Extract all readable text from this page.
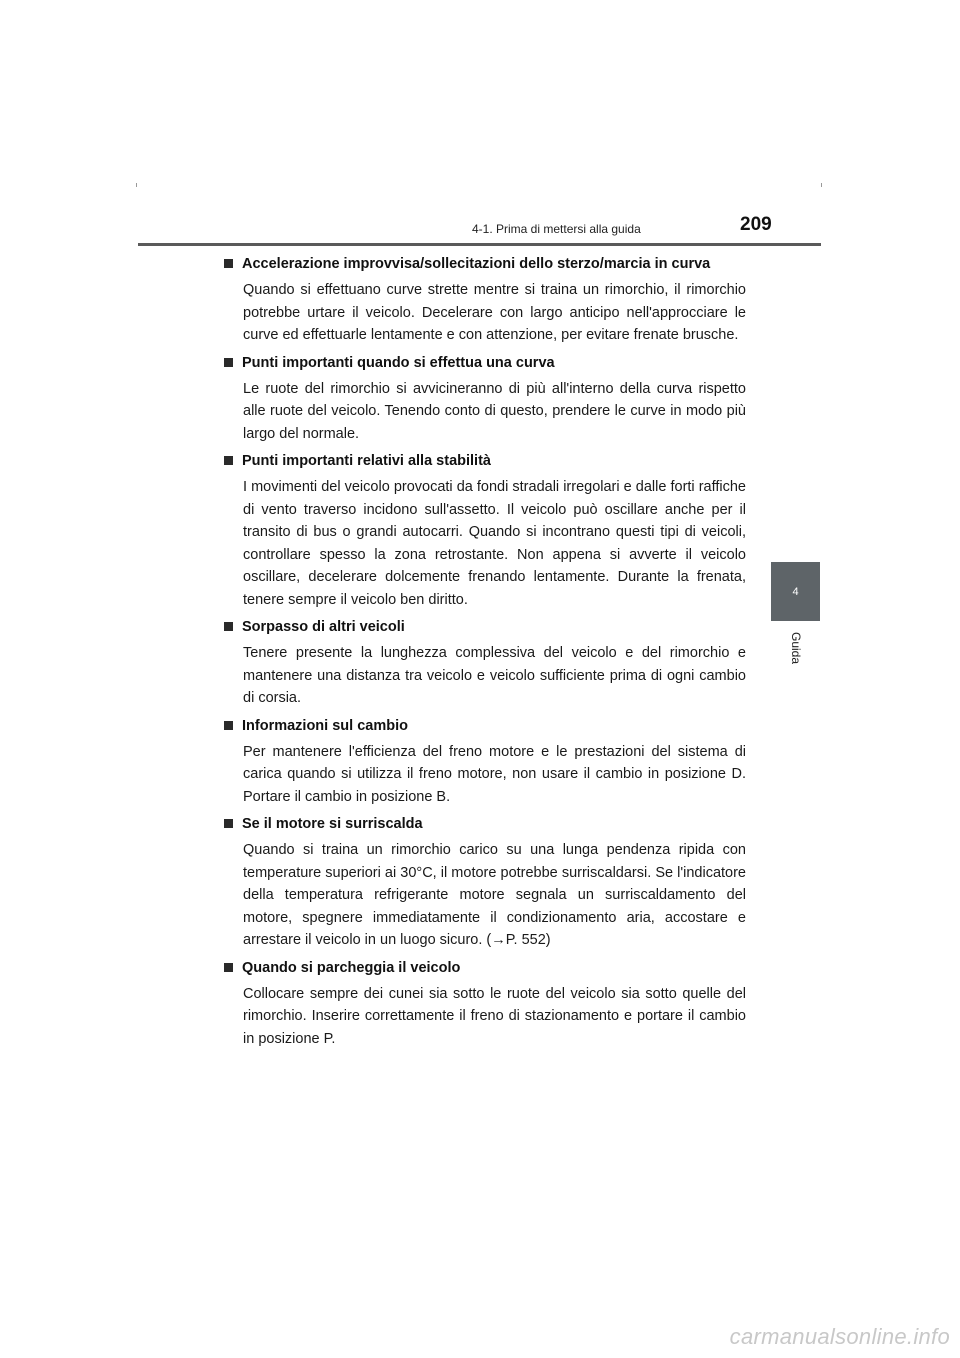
4-1. Prima di mettersi alla guida	209
4
Guida
Accelerazione improvvisa/sollecitazioni dello sterzo/marcia in curva
Quando si effettuano curve strette mentre si traina un rimorchio, il rimorchio potrebbe urtare il veicolo. Decelerare con largo anticipo nell'approcciare le curve ed effettuarle lentamente e con attenzione, per evitare frenate brusche.
Punti importanti quando si effettua una curva
Le ruote del rimorchio si avvicineranno di più all'interno della curva rispetto alle ruote del veicolo. Tenendo conto di questo, prendere le curve in modo più largo del normale.
Punti importanti relativi alla stabilità
I movimenti del veicolo provocati da fondi stradali irregolari e dalle forti raffiche di vento traverso incidono sull'assetto. Il veicolo può oscillare anche per il transito di bus o grandi autocarri. Quando si incontrano questi tipi di veicoli, controllare spesso la zona retrostante. Non appena si avverte il veicolo oscillare, decelerare dolcemente frenando lentamente. Durante la frenata, tenere sempre il veicolo ben diritto.
Sorpasso di altri veicoli
Tenere presente la lunghezza complessiva del veicolo e del rimorchio e mantenere una distanza tra veicolo e veicolo sufficiente prima di ogni cambio di corsia.
Informazioni sul cambio
Per mantenere l'efficienza del freno motore e le prestazioni del sistema di carica quando si utilizza il freno motore, non usare il cambio in posizione D. Portare il cambio in posizione B.
Se il motore si surriscalda
Quando si traina un rimorchio carico su una lunga pendenza ripida con temperature superiori ai 30°C, il motore potrebbe surriscaldarsi. Se l'indicatore della temperatura refrigerante motore segnala un surriscaldamento del motore, spegnere immediatamente il condizionamento aria, accostare e arrestare il veicolo in un luogo sicuro. (→P. 552)
Quando si parcheggia il veicolo
Collocare sempre dei cunei sia sotto le ruote del veicolo sia sotto quelle del rimorchio. Inserire correttamente il freno di stazionamento e portare il cambio in posizione P.
carmanualsonline.info
